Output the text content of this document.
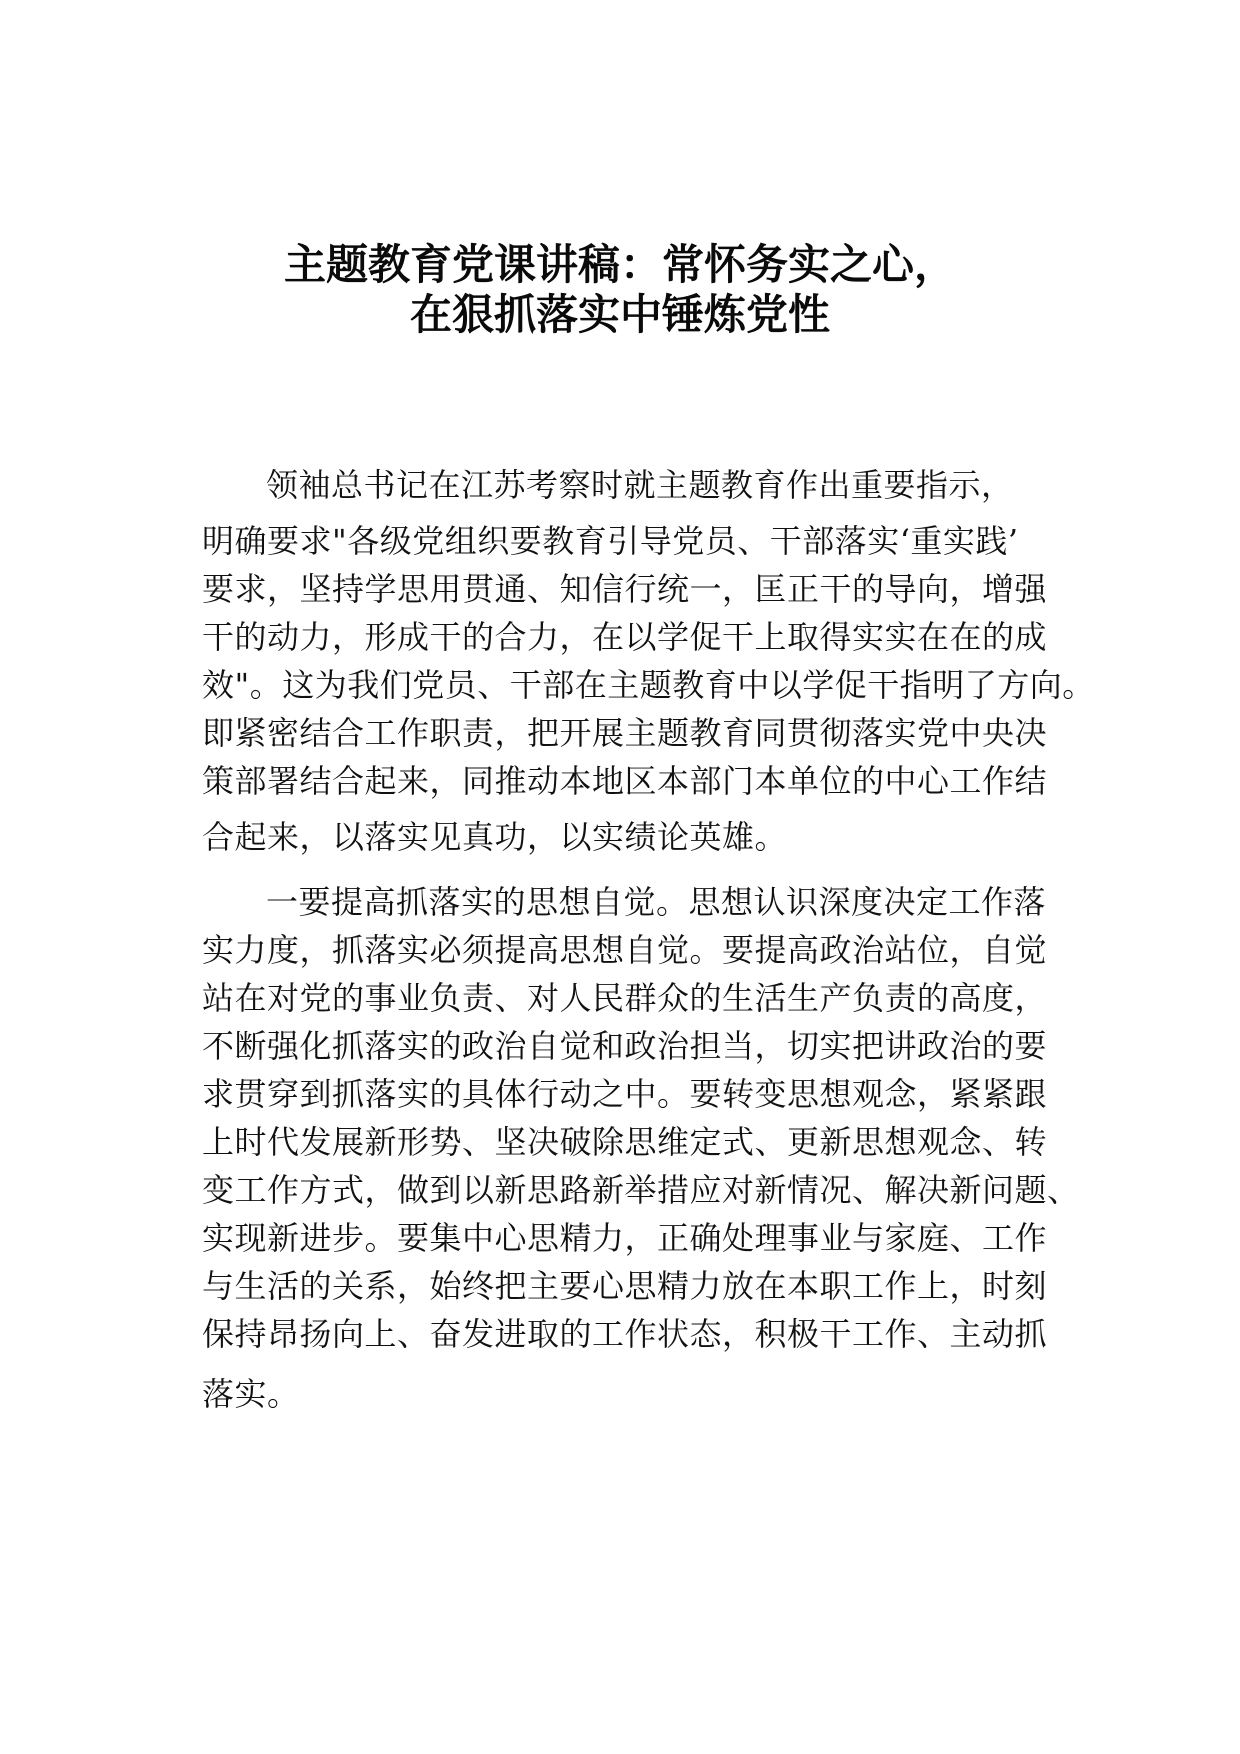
主题教育党课讲稿：常怀务实之心，
在狠抓落实中锤炼党性
领袖总书记在江苏考察时就主题教育作出重要指示，
明确要求"各级党组织要教育引导党员、干部落实‘重实践’
要求，坚持学思用贯通、知信行统一，匡正干的导向，增强
干的动力，形成干的合力，在以学促干上取得实实在在的成
效"。这为我们党员、干部在主题教育中以学促干指明了方向。
即紧密结合工作职责，把开展主题教育同贯彻落实党中央决
策部署结合起来，同推动本地区本部门本单位的中心工作结
合起来，以落实见真功，以实绩论英雄。
一要提高抓落实的思想自觉。思想认识深度决定工作落
实力度，抓落实必须提高思想自觉。要提高政治站位，自觉
站在对党的事业负责、对人民群众的生活生产负责的高度，
不断强化抓落实的政治自觉和政治担当，切实把讲政治的要
求贯穿到抓落实的具体行动之中。要转变思想观念，紧紧跟
上时代发展新形势、坚决破除思维定式、更新思想观念、转
变工作方式，做到以新思路新举措应对新情况、解决新问题、
实现新进步。要集中心思精力，正确处理事业与家庭、工作
与生活的关系，始终把主要心思精力放在本职工作上，时刻
保持昂扬向上、奋发进取的工作状态，积极干工作、主动抓
落实。
